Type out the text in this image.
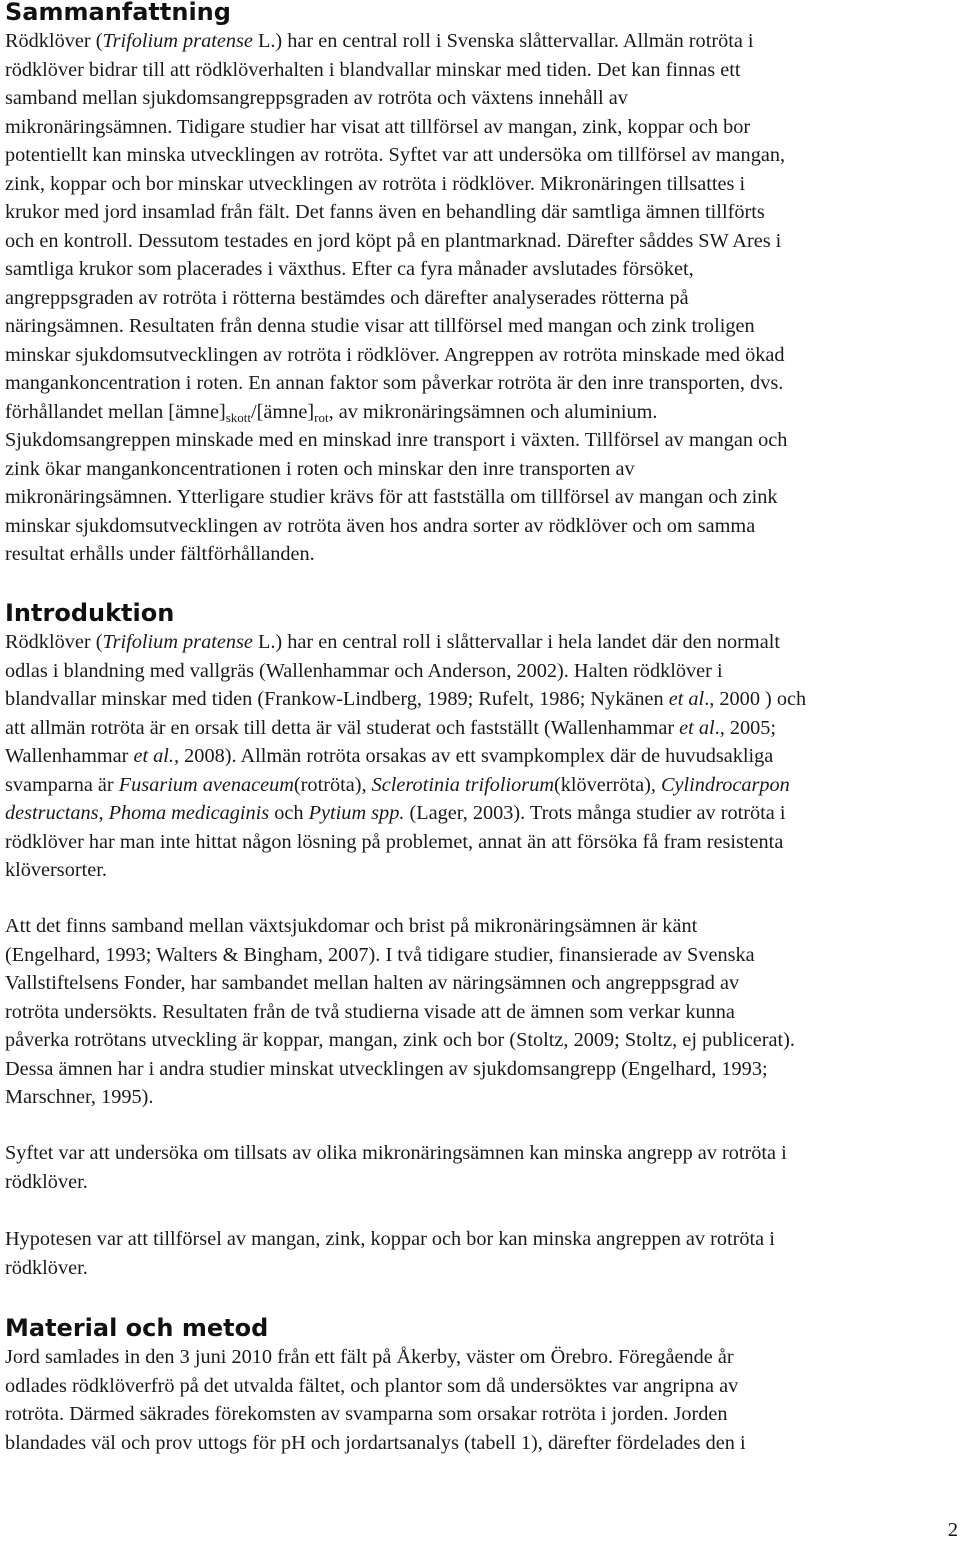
Sammanfattning

Rödklöver (Trifolium pratense L.) har en central roll i Svenska slåttervallar. Allmän rotröta i
rödklöver bidrar till att rödklöverhalten i blandvallar minskar med tiden. Det kan finnas ett
samband mellan sjukdomsangreppsgraden av rotröta och växtens innehåll av
mikronäringsämnen. Tidigare studier har visat att tillförsel av mangan, zink, koppar och bor
potentiellt kan minska utvecklingen av rotröta. Syftet var att undersöka om tillförsel av mangan,
zink, koppar och bor minskar utvecklingen av rotröta i rödklöver. Mikronäringen tillsattes i
krukor med jord insamlad från fält. Det fanns även en behandling där samtliga ämnen tillförts
och en kontroll. Dessutom testades en jord köpt på en plantmarknad. Därefter såddes SW Ares i
samtliga krukor som placerades i växthus. Efter ca fyra månader avslutades försöket,
angreppsgraden av rotröta i rötterna bestämdes och därefter analyserades rötterna på
näringsämnen. Resultaten från denna studie visar att tillförsel med mangan och zink troligen
minskar sjukdomsutvecklingen av rotröta i rödklöver. Angreppen av rotröta minskade med ökad
mangankoncentration i roten. En annan faktor som påverkar rotröta är den inre transporten, dvs.
förhållandet mellan $[ämne]_{skott}/[ämne]_{rot}$, av mikronäringsämnen och aluminium.
Sjukdomsangreppen minskade med en minskad inre transport i växten. Tillförsel av mangan och
zink ökar mangankoncentrationen i roten och minskar den inre transporten av
mikronäringsämnen. Ytterligare studier krävs för att fastställa om tillförsel av mangan och zink
minskar sjukdomsutvecklingen av rotröta även hos andra sorter av rödklöver och om samma
resultat erhålls under fältförhållanden.

Introduktion

Rödklöver (Trifolium pratense L.) har en central roll i slåttervallar i hela landet där den normalt
odlas i blandning med vallgräs (Wallenhammar och Anderson, 2002). Halten rödklöver i
blandvallar minskar med tiden (Frankow-Lindberg, 1989; Rufelt, 1986; Nykänen et al., 2000 ) och
att allmän rotröta är en orsak till detta är väl studerat och fastställt (Wallenhammar et al., 2005;
Wallenhammar et al., 2008). Allmän rotröta orsakas av ett svampkomplex där de huvudsakliga
svamparna är Fusarium avenaceum(rotröta), Sclerotinia trifoliorum(klöverröta), Cylindrocarpon
destructans, Phoma medicaginis och Pytium spp. (Lager, 2003). Trots många studier av rotröta i
rödklöver har man inte hittat någon lösning på problemet, annat än att försöka få fram resistenta
klöversorter.

Att det finns samband mellan växtsjukdomar och brist på mikronäringsämnen är känt
(Engelhard, 1993; Walters & Bingham, 2007). I två tidigare studier, finansierade av Svenska
Vallstiftelsens Fonder, har sambandet mellan halten av näringsämnen och angreppsgrad av
rotröta undersökts. Resultaten från de två studierna visade att de ämnen som verkar kunna
påverka rotrötans utveckling är koppar, mangan, zink och bor (Stoltz, 2009; Stoltz, ej publicerat).
Dessa ämnen har i andra studier minskat utvecklingen av sjukdomsangrepp (Engelhard, 1993;
Marschner, 1995).

Syftet var att undersöka om tillsats av olika mikronäringsämnen kan minska angrepp av rotröta i
rödklöver.

Hypotesen var att tillförsel av mangan, zink, koppar och bor kan minska angreppen av rotröta i
rödklöver.

Material och metod

Jord samlades in den 3 juni 2010 från ett fält på Åkerby, väster om Örebro. Föregående år
odlades rödklöverfrö på det utvalda fältet, och plantor som då undersöktes var angripna av
rotröta. Därmed säkrades förekomsten av svamparna som orsakar rotröta i jorden. Jorden
blandades väl och prov uttogs för pH och jordartsanalys (tabell 1), därefter fördelades den i

2
